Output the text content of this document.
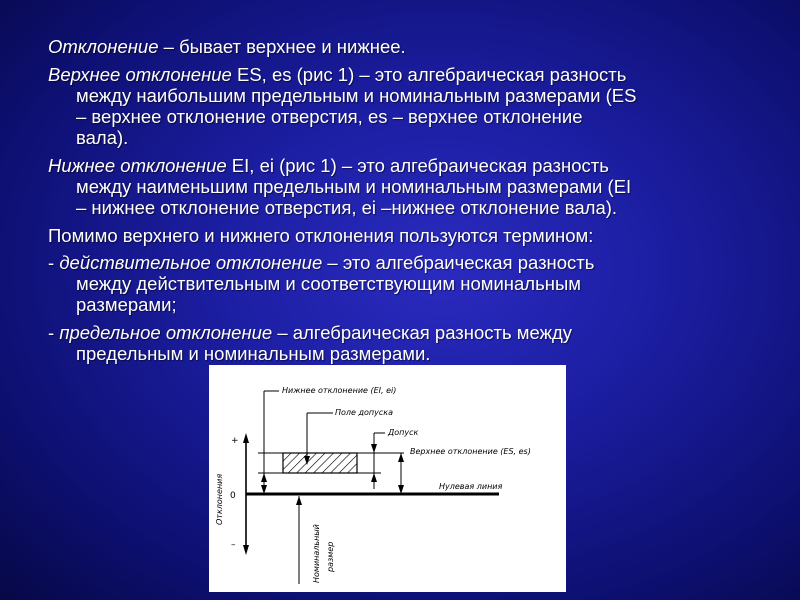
Отклонение – бывает верхнее и нижнее.
Верхнее отклонение ES, es (рис 1) – это алгебраическая разность
между наибольшим предельным и номинальным размерами (ES
– верхнее отклонение отверстия, es – верхнее отклонение
вала).
Нижнее отклонение EI, ei (рис 1) – это алгебраическая разность
между наименьшим предельным и номинальным размерами (EI
– нижнее отклонение отверстия, ei –нижнее отклонение вала).
Помимо верхнего и нижнего отклонения пользуются термином:
- действительное отклонение – это алгебраическая разность
между действительным и соответствующим номинальным
размерами;
- предельное отклонение – алгебраическая разность между
предельным и номинальным размерами.
+
0
–
Отклонения	Нулевая линия
Нижнее отклонение (EI, ei)
Поле допуска
Допуск
Верхнее отклонение (ES, es)
Номинальный размер
